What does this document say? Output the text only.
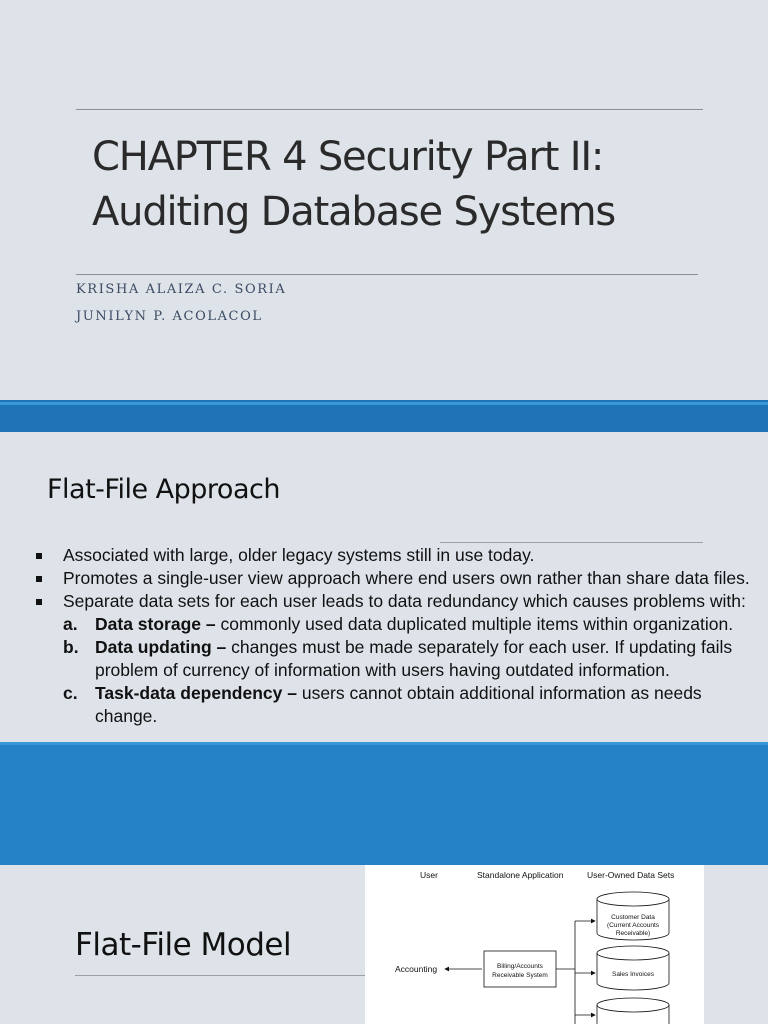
CHAPTER 4 Security Part II:
Auditing Database Systems
KRISHA ALAIZA C. SORIA
JUNILYN P. ACOLACOL
Flat-File Approach
Associated with large, older legacy systems still in use today.
Promotes a single-user view approach where end users own rather than share data files.
Separate data sets for each user leads to data redundancy which causes problems with:
a. Data storage – commonly used data duplicated multiple items within organization.
b. Data updating – changes must be made separately for each user. If updating fails problem of currency of information with users having outdated information.
c. Task-data dependency – users cannot obtain additional information as needs change.
Flat-File Model
User	Standalone Application	User-Owned Data Sets
Accounting	Billing/Accounts
Receivable System
Customer Data
(Current Accounts
Receivable)
Sales Invoices
